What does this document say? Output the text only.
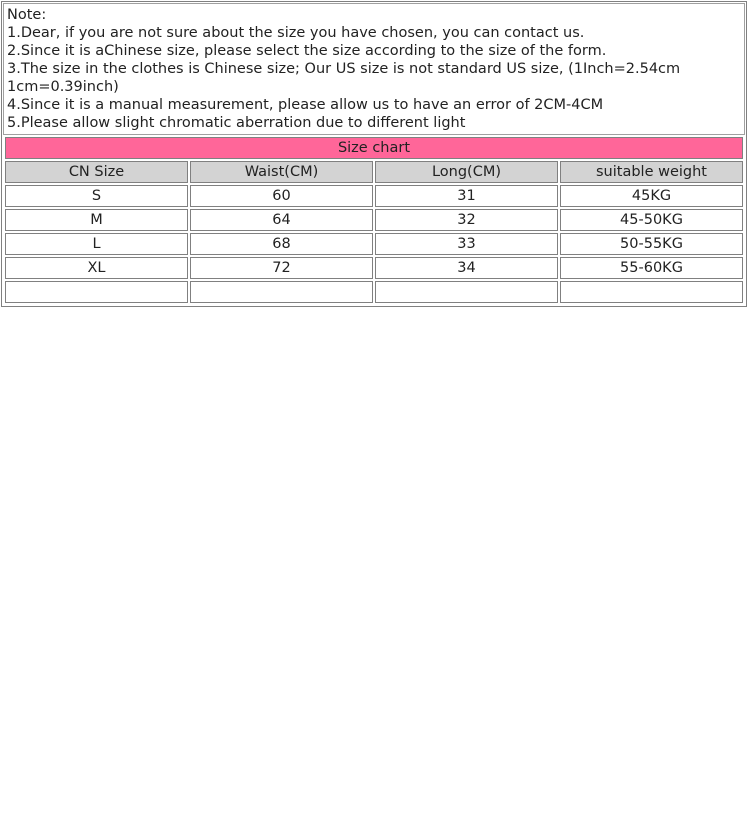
Note:
1.Dear, if you are not sure about the size you have chosen, you can contact us.
2.Since it is aChinese size, please select the size according to the size of the form.
3.The size in the clothes is Chinese size; Our US size is not standard US size, (1Inch=2.54cm 1cm=0.39inch)
4.Since it is a manual measurement, please allow us to have an error of 2CM-4CM
5.Please allow slight chromatic aberration due to different light
Size chart			
CN Size	Waist(CM)	Long(CM)	suitable weight
S	60	31	45KG
M	64	32	45-50KG
L	68	33	50-55KG
XL	72	34	55-60KG
